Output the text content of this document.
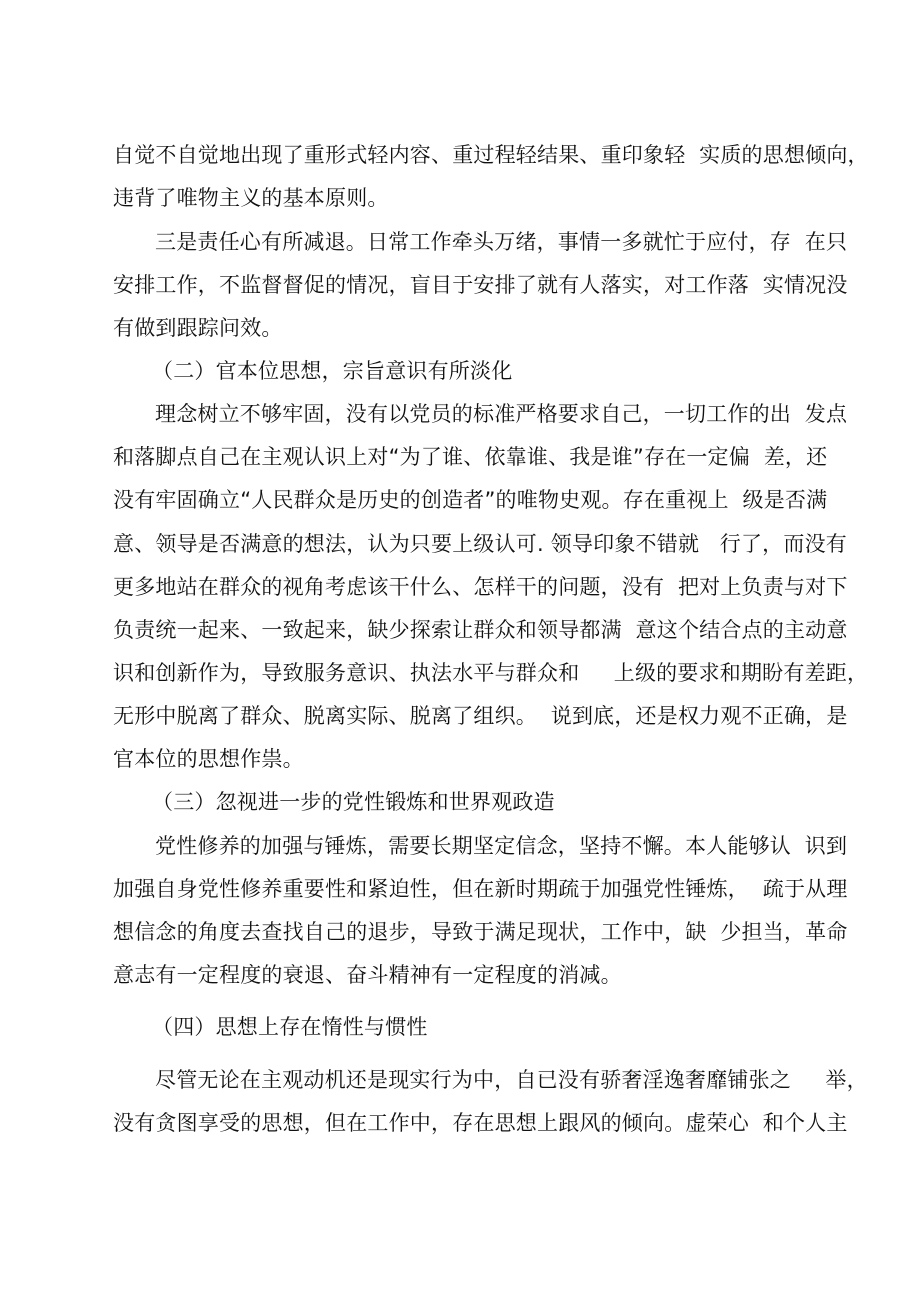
自觉不自觉地出现了重形式轻内容、重过程轻结果、重印象轻  实质的思想倾向，
违背了唯物主义的基本原则。
三是责任心有所减退。日常工作牵头万绪，事情一多就忙于应付，存  在只
安排工作，不监督督促的情况，盲目于安排了就有人落实，对工作落  实情况没
有做到跟踪问效。
（二）官本位思想，宗旨意识有所淡化
理念树立不够牢固，没有以党员的标准严格要求自己，一切工作的出  发点
和落脚点自己在主观认识上对“为了谁、依靠谁、我是谁”存在一定偏  差，还
没有牢固确立“人民群众是历史的创造者”的唯物史观。存在重视上  级是否满
意、领导是否满意的想法，认为只要上级认可. 领导印象不错就   行了，而没有
更多地站在群众的视角考虑该干什么、怎样干的问题，没有  把对上负责与对下
负责统一起来、一致起来，缺少探索让群众和领导都满  意这个结合点的主动意
识和创新作为，导致服务意识、执法水平与群众和     上级的要求和期盼有差距，
无形中脱离了群众、脱离实际、脱离了组织。  说到底，还是权力观不正确，是
官本位的思想作祟。
（三）忽视进一步的党性锻炼和世界观政造
党性修养的加强与锤炼，需要长期坚定信念，坚持不懈。本人能够认  识到
加强自身党性修养重要性和紧迫性，但在新时期疏于加强党性锤炼，  疏于从理
想信念的角度去查找自己的退步，导致于满足现状，工作中，缺  少担当，革命
意志有一定程度的衰退、奋斗精神有一定程度的消减。
（四）思想上存在惰性与惯性
尽管无论在主观动机还是现实行为中，自已没有骄奢淫逸奢靡铺张之     举，
没有贪图享受的思想，但在工作中，存在思想上跟风的倾向。虚荣心  和个人主
